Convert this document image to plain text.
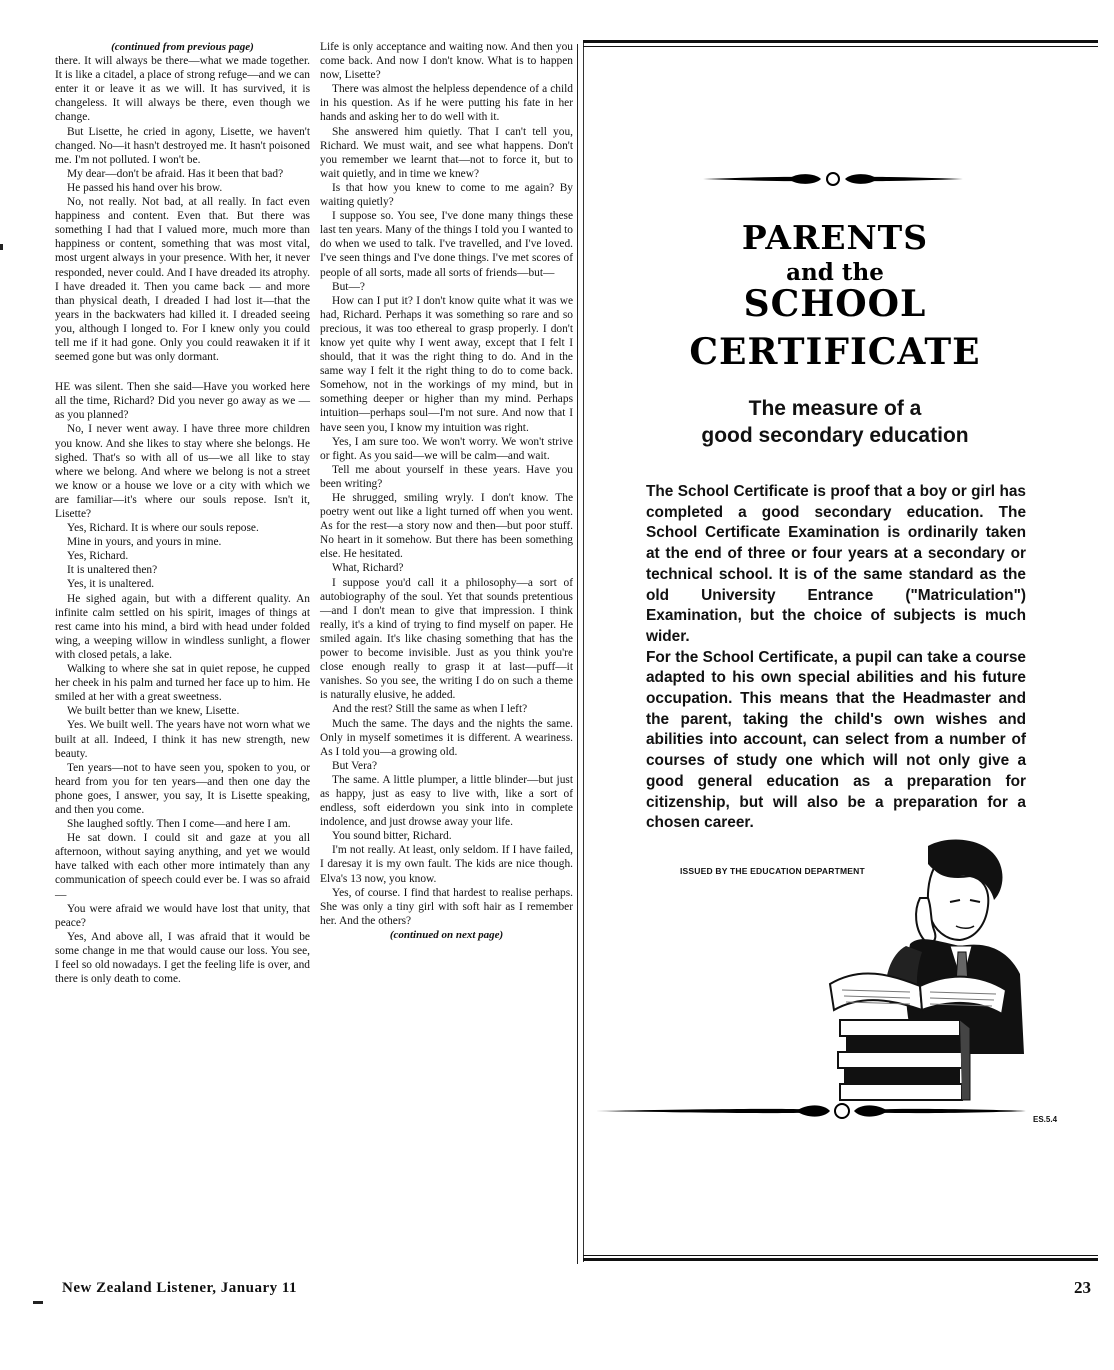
(continued from previous page)

there. It will always be there—what we made together. It is like a citadel, a place of strong refuge—and we can enter it or leave it as we will. It has survived, it is changeless. It will always be there, even though we change.

But Lisette, he cried in agony, Lisette, we haven't changed. No—it hasn't destroyed me. It hasn't poisoned me. I'm not polluted. I won't be.

My dear—don't be afraid. Has it been that bad?

He passed his hand over his brow.

No, not really. Not bad, at all really. In fact even happiness and content. Even that. But there was something I had that I valued more, much more than happiness or content, something that was most vital, most urgent always in your presence. With her, it never responded, never could. And I have dreaded its atrophy. I have dreaded it. Then you came back — and more than physical death, I dreaded I had lost it—that the years in the backwaters had killed it. I dreaded seeing you, although I longed to. For I knew only you could tell me if it had gone. Only you could reawaken it if it seemed gone but was only dormant.

HE was silent. Then she said—Have you worked here all the time, Richard? Did you never go away as we —as you planned?

No, I never went away. I have three more children you know. And she likes to stay where she belongs. He sighed. That's so with all of us—we all like to stay where we belong. And where we belong is not a street we know or a house we love or a city with which we are familiar—it's where our souls repose. Isn't it, Lisette?

Yes, Richard. It is where our souls repose.

Mine in yours, and yours in mine.

Yes, Richard.

It is unaltered then?

Yes, it is unaltered.

He sighed again, but with a different quality. An infinite calm settled on his spirit, images of things at rest came into his mind, a bird with head under folded wing, a weeping willow in windless sunlight, a flower with closed petals, a lake.

Walking to where she sat in quiet repose, he cupped her cheek in his palm and turned her face up to him. He smiled at her with a great sweetness.

We built better than we knew, Lisette.

Yes. We built well. The years have not worn what we built at all. Indeed, I think it has new strength, new beauty.

Ten years—not to have seen you, spoken to you, or heard from you for ten years—and then one day the phone goes, I answer, you say, It is Lisette speaking, and then you come.

She laughed softly. Then I come—and here I am.

He sat down. I could sit and gaze at you all afternoon, without saying anything, and yet we would have talked with each other more intimately than any communication of speech could ever be. I was so afraid—

You were afraid we would have lost that unity, that peace?

Yes, And above all, I was afraid that it would be some change in me that would cause our loss. You see, I feel so old nowadays. I get the feeling life is over, and there is only death to come.

Life is only acceptance and waiting now. And then you come back. And now I don't know. What is to happen now, Lisette?

There was almost the helpless dependence of a child in his question. As if he were putting his fate in her hands and asking her to do well with it.

She answered him quietly. That I can't tell you, Richard. We must wait, and see what happens. Don't you remember we learnt that—not to force it, but to wait quietly, and in time we knew?

Is that how you knew to come to me again? By waiting quietly?

I suppose so. You see, I've done many things these last ten years. Many of the things I told you I wanted to do when we used to talk. I've travelled, and I've loved. I've seen things and I've done things. I've met scores of people of all sorts, made all sorts of friends—but—

But—?

How can I put it? I don't know quite what it was we had, Richard. Perhaps it was something so rare and so precious, it was too ethereal to grasp properly. I don't know yet quite why I went away, except that I felt I should, that it was the right thing to do. And in the same way I felt it the right thing to do to come back. Somehow, not in the workings of my mind, but in something deeper or higher than my mind. Perhaps intuition—perhaps soul—I'm not sure. And now that I have seen you, I know my intuition was right.

Yes, I am sure too. We won't worry. We won't strive or fight. As you said—we will be calm—and wait.

Tell me about yourself in these years. Have you been writing?

He shrugged, smiling wryly. I don't know. The poetry went out like a light turned off when you went. As for the rest—a story now and then—but poor stuff. No heart in it somehow. But there has been something else. He hesitated.

What, Richard?

I suppose you'd call it a philosophy—a sort of autobiography of the soul. Yet that sounds pretentious—and I don't mean to give that impression. I think really, it's a kind of trying to find myself on paper. He smiled again. It's like chasing something that has the power to become invisible. Just as you think you're close enough really to grasp it at last—puff—it vanishes. So you see, the writing I do on such a theme is naturally elusive, he added.

And the rest? Still the same as when I left?

Much the same. The days and the nights the same. Only in myself sometimes it is different. A weariness. As I told you—a growing old.

But Vera?

The same. A little plumper, a little blinder—but just as happy, just as easy to live with, like a sort of endless, soft eiderdown you sink into in complete indolence, and just drowse away your life.

You sound bitter, Richard.

I'm not really. At least, only seldom. If I have failed, I daresay it is my own fault. The kids are nice though. Elva's 13 now, you know.

Yes, of course. I find that hardest to realise perhaps. She was only a tiny girl with soft hair as I remember her. And the others?

(continued on next page)

PARENTS
and the
SCHOOL
CERTIFICATE
The measure of a
good secondary education

The School Certificate is proof that a boy or girl has completed a good secondary education. The School Certificate Examination is ordinarily taken at the end of three or four years at a secondary or technical school. It is of the same standard as the old University Entrance ("Matriculation") Examination, but the choice of subjects is much wider.

For the School Certificate, a pupil can take a course adapted to his own special abilities and his future occupation. This means that the Headmaster and the parent, taking the child's own wishes and abilities into account, can select from a number of courses of study one which will not only give a good general education as a preparation for citizenship, but will also be a preparation for a chosen career.

ISSUED BY THE EDUCATION DEPARTMENT
ES.5.4
New Zealand Listener, January 11	23
